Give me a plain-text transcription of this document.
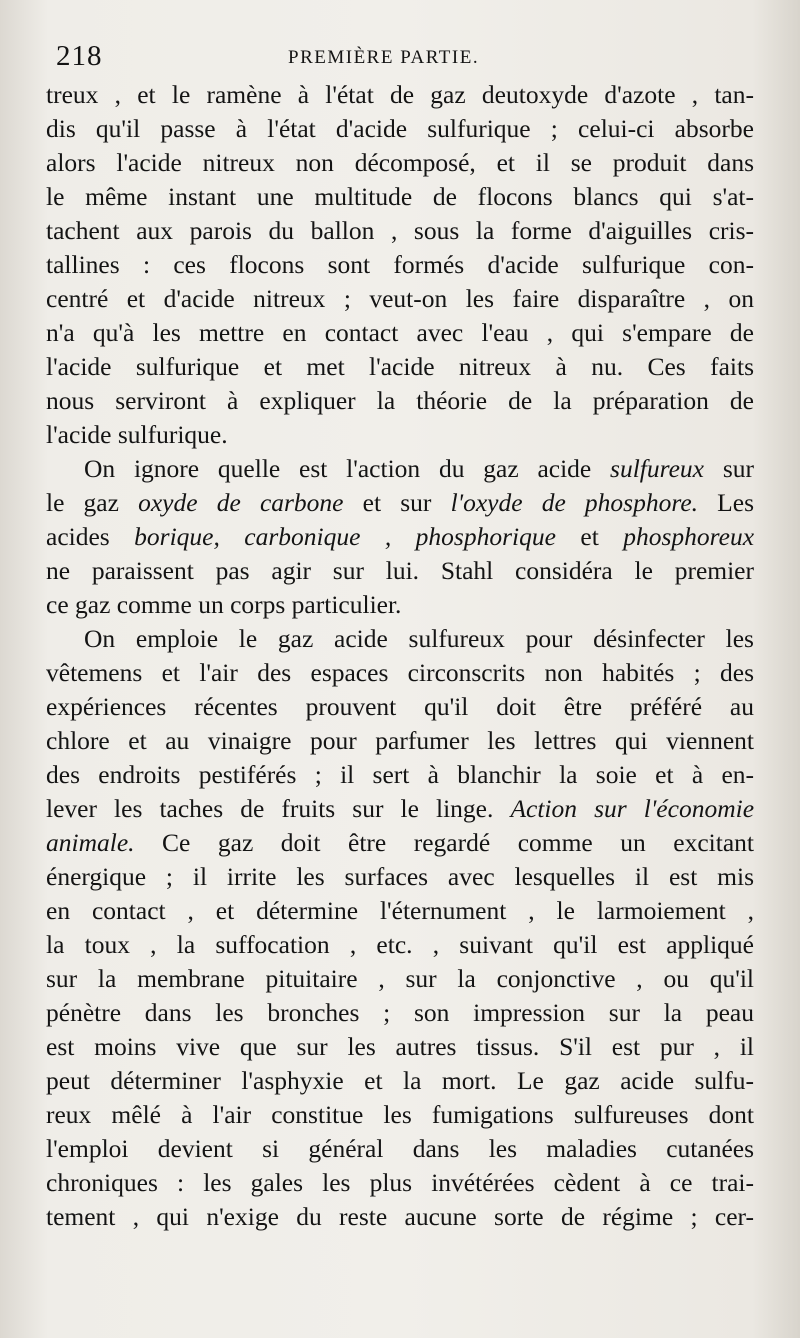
218	PREMIÈRE PARTIE.
treux , et le ramène à l'état de gaz deutoxyde d'azote , tan-
dis qu'il passe à l'état d'acide sulfurique ; celui-ci absorbe
alors l'acide nitreux non décomposé, et il se produit dans
le même instant une multitude de flocons blancs qui s'at-
tachent aux parois du ballon , sous la forme d'aiguilles cris-
tallines : ces flocons sont formés d'acide sulfurique con-
centré et d'acide nitreux ; veut-on les faire disparaître , on
n'a qu'à les mettre en contact avec l'eau , qui s'empare de
l'acide sulfurique et met l'acide nitreux à nu. Ces faits
nous serviront à expliquer la théorie de la préparation de
l'acide sulfurique.
On ignore quelle est l'action du gaz acide sulfureux sur
le gaz oxyde de carbone et sur l'oxyde de phosphore. Les
acides borique, carbonique , phosphorique et phosphoreux
ne paraissent pas agir sur lui. Stahl considéra le premier
ce gaz comme un corps particulier.
On emploie le gaz acide sulfureux pour désinfecter les
vêtemens et l'air des espaces circonscrits non habités ; des
expériences récentes prouvent qu'il doit être préféré au
chlore et au vinaigre pour parfumer les lettres qui viennent
des endroits pestiférés ; il sert à blanchir la soie et à en-
lever les taches de fruits sur le linge. Action sur l'économie
animale. Ce gaz doit être regardé comme un excitant
énergique ; il irrite les surfaces avec lesquelles il est mis
en contact , et détermine l'éternument , le larmoiement ,
la toux , la suffocation , etc. , suivant qu'il est appliqué
sur la membrane pituitaire , sur la conjonctive , ou qu'il
pénètre dans les bronches ; son impression sur la peau
est moins vive que sur les autres tissus. S'il est pur , il
peut déterminer l'asphyxie et la mort. Le gaz acide sulfu-
reux mêlé à l'air constitue les fumigations sulfureuses dont
l'emploi devient si général dans les maladies cutanées
chroniques : les gales les plus invétérées cèdent à ce trai-
tement , qui n'exige du reste aucune sorte de régime ; cer-
